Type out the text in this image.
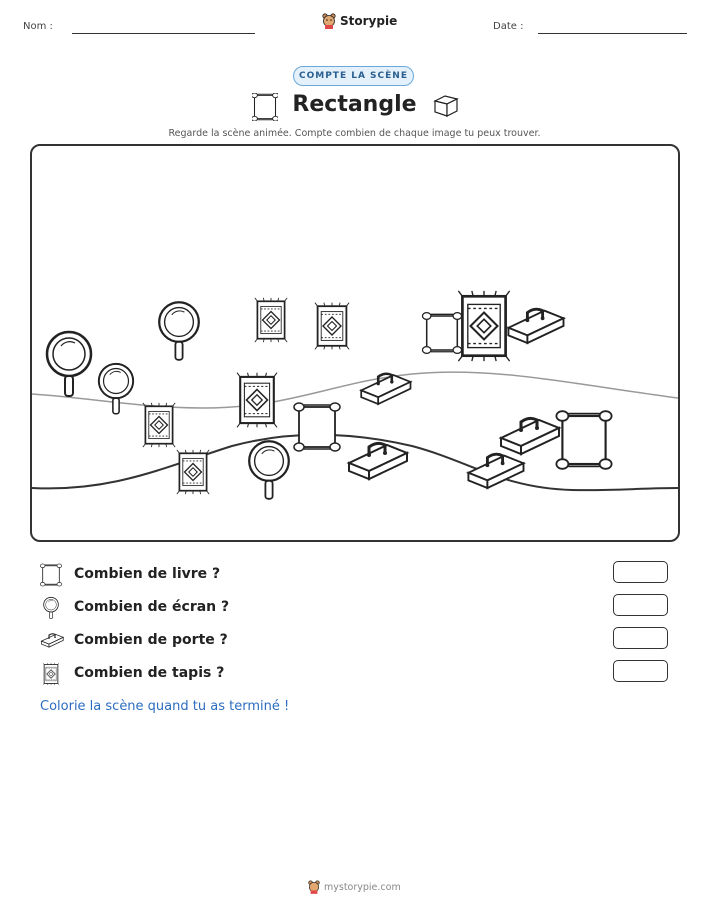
Nom :	Storypie	Date :
COMPTE LA SCÈNE
Rectangle
Regarde la scène animée. Compte combien de chaque image tu peux trouver.
Combien de livre ?
Combien de écran ?
Combien de porte ?
Combien de tapis ?
Colorie la scène quand tu as terminé !
mystorypie.com
